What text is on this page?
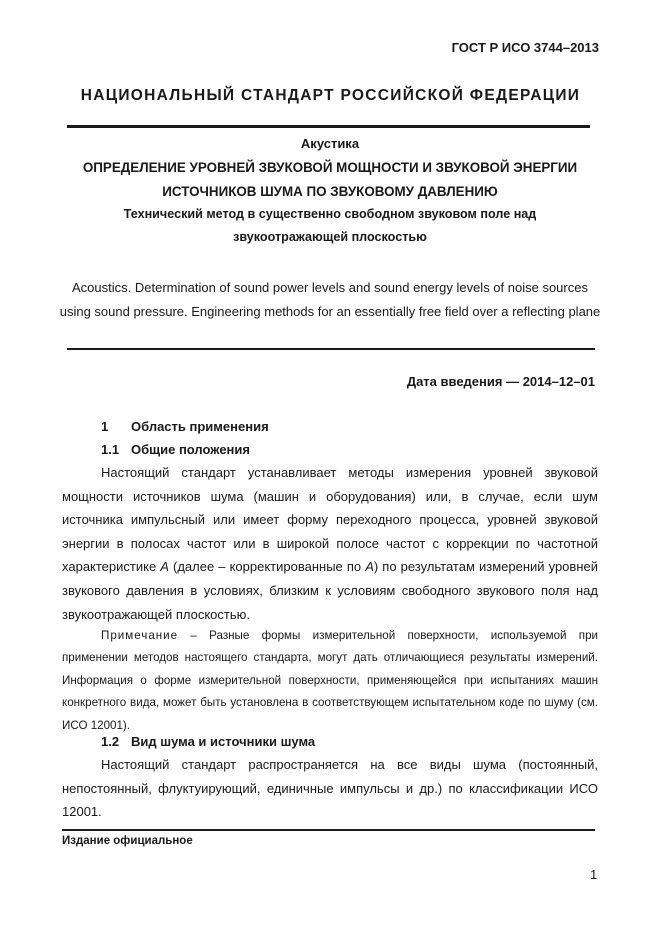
ГОСТ Р ИСО 3744–2013
НАЦИОНАЛЬНЫЙ СТАНДАРТ РОССИЙСКОЙ ФЕДЕРАЦИИ
Акустика
ОПРЕДЕЛЕНИЕ УРОВНЕЙ ЗВУКОВОЙ МОЩНОСТИ И ЗВУКОВОЙ ЭНЕРГИИ
ИСТОЧНИКОВ ШУМА ПО ЗВУКОВОМУ ДАВЛЕНИЮ
Технический метод в существенно свободном звуковом поле над
звукоотражающей плоскостью
Acoustics. Determination of sound power levels and sound energy levels of noise sources using sound pressure. Engineering methods for an essentially free field over a reflecting plane
Дата введения — 2014–12–01
1 Область применения
1.1 Общие положения
Настоящий стандарт устанавливает методы измерения уровней звуковой мощности источников шума (машин и оборудования) или, в случае, если шум источника импульсный или имеет форму переходного процесса, уровней звуковой энергии в полосах частот или в широкой полосе частот с коррекции по частотной характеристике A (далее – корректированные по A) по результатам измерений уровней звукового давления в условиях, близким к условиям свободного звукового поля над звукоотражающей плоскостью.
Примечание – Разные формы измерительной поверхности, используемой при применении методов настоящего стандарта, могут дать отличающиеся результаты измерений. Информация о форме измерительной поверхности, применяющейся при испытаниях машин конкретного вида, может быть установлена в соответствующем испытательном коде по шуму (см. ИСО 12001).
1.2 Вид шума и источники шума
Настоящий стандарт распространяется на все виды шума (постоянный, непостоянный, флуктуирующий, единичные импульсы и др.) по классификации ИСО 12001.
Издание официальное
1
